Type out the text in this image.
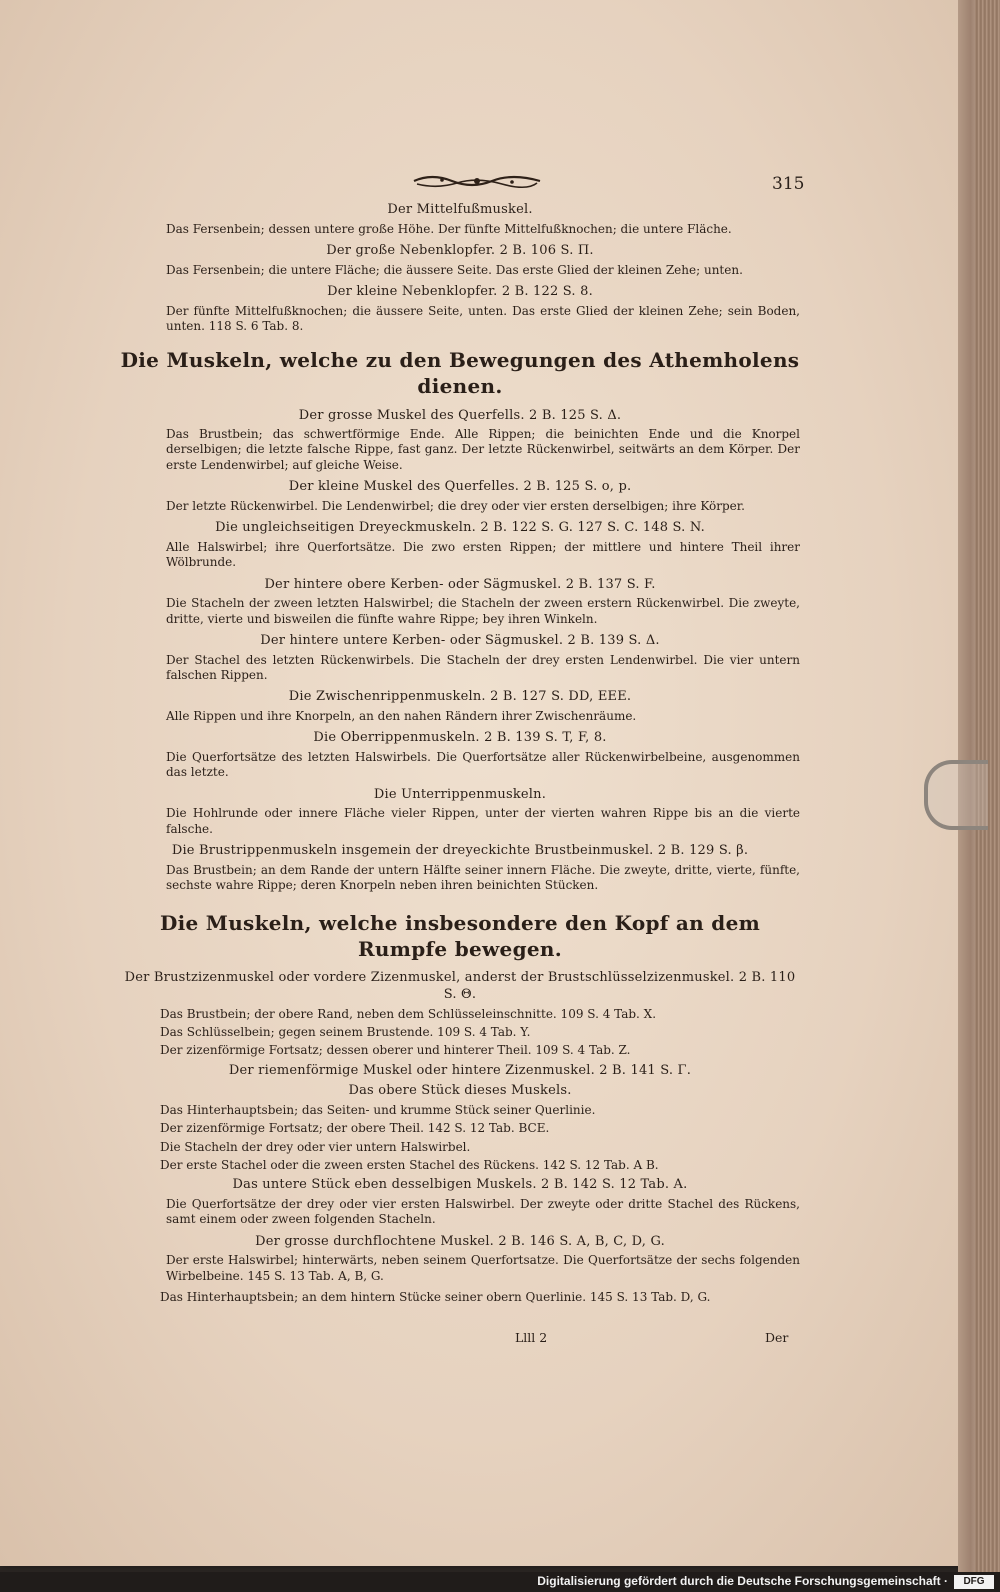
315
Der Mittelfußmuskel.
Das Fersenbein; dessen untere große Höhe. Der fünfte Mittelfußknochen; die untere Fläche.
Der große Nebenklopfer. 2 B. 106 S. Π.
Das Fersenbein; die untere Fläche; die äussere Seite. Das erste Glied der kleinen Zehe; unten.
Der kleine Nebenklopfer. 2 B. 122 S. 8.
Der fünfte Mittelfußknochen; die äussere Seite, unten. Das erste Glied der kleinen Zehe; sein Boden, unten. 118 S. 6 Tab. 8.
Die Muskeln, welche zu den Bewegungen des Athemholens dienen.
Der grosse Muskel des Querfells. 2 B. 125 S. Δ.
Das Brustbein; das schwertförmige Ende. Alle Rippen; die beinichten Ende und die Knorpel derselbigen; die letzte falsche Rippe, fast ganz. Der letzte Rückenwirbel, seitwärts an dem Körper. Der erste Lendenwirbel; auf gleiche Weise.
Der kleine Muskel des Querfelles. 2 B. 125 S. o, p.
Der letzte Rückenwirbel. Die Lendenwirbel; die drey oder vier ersten derselbigen; ihre Körper.
Die ungleichseitigen Dreyeckmuskeln. 2 B. 122 S. G. 127 S. C. 148 S. N.
Alle Halswirbel; ihre Querfortsätze. Die zwo ersten Rippen; der mittlere und hintere Theil ihrer Wölbrunde.
Der hintere obere Kerben- oder Sägmuskel. 2 B. 137 S. F.
Die Stacheln der zween letzten Halswirbel; die Stacheln der zween erstern Rückenwirbel. Die zweyte, dritte, vierte und bisweilen die fünfte wahre Rippe; bey ihren Winkeln.
Der hintere untere Kerben- oder Sägmuskel. 2 B. 139 S. Δ.
Der Stachel des letzten Rückenwirbels. Die Stacheln der drey ersten Lendenwirbel. Die vier untern falschen Rippen.
Die Zwischenrippenmuskeln. 2 B. 127 S. DD, EEE.
Alle Rippen und ihre Knorpeln, an den nahen Rändern ihrer Zwischenräume.
Die Oberrippenmuskeln. 2 B. 139 S. T, F, 8.
Die Querfortsätze des letzten Halswirbels. Die Querfortsätze aller Rückenwirbelbeine, ausgenommen das letzte.
Die Unterrippenmuskeln.
Die Hohlrunde oder innere Fläche vieler Rippen, unter der vierten wahren Rippe bis an die vierte falsche.
Die Brustrippenmuskeln insgemein der dreyeckichte Brustbeinmuskel. 2 B. 129 S. β.
Das Brustbein; an dem Rande der untern Hälfte seiner innern Fläche. Die zweyte, dritte, vierte, fünfte, sechste wahre Rippe; deren Knorpeln neben ihren beinichten Stücken.
Die Muskeln, welche insbesondere den Kopf an dem Rumpfe bewegen.
Der Brustzizenmuskel oder vordere Zizenmuskel, anderst der Brustschlüsselzizenmuskel. 2 B. 110 S. Θ.
Das Brustbein; der obere Rand, neben dem Schlüsseleinschnitte. 109 S. 4 Tab. X.
Das Schlüsselbein; gegen seinem Brustende. 109 S. 4 Tab. Y.
Der zizenförmige Fortsatz; dessen oberer und hinterer Theil. 109 S. 4 Tab. Z.
Der riemenförmige Muskel oder hintere Zizenmuskel. 2 B. 141 S. Γ.
Das obere Stück dieses Muskels.
Das Hinterhauptsbein; das Seiten- und krumme Stück seiner Querlinie.
Der zizenförmige Fortsatz; der obere Theil. 142 S. 12 Tab. BCE.
Die Stacheln der drey oder vier untern Halswirbel.
Der erste Stachel oder die zween ersten Stachel des Rückens. 142 S. 12 Tab. A B.
Das untere Stück eben desselbigen Muskels. 2 B. 142 S. 12 Tab. A.
Die Querfortsätze der drey oder vier ersten Halswirbel. Der zweyte oder dritte Stachel des Rückens, samt einem oder zween folgenden Stacheln.
Der grosse durchflochtene Muskel. 2 B. 146 S. A, B, C, D, G.
Der erste Halswirbel; hinterwärts, neben seinem Querfortsatze. Die Querfortsätze der sechs folgenden Wirbelbeine. 145 S. 13 Tab. A, B, G.
Das Hinterhauptsbein; an dem hintern Stücke seiner obern Querlinie. 145 S. 13 Tab. D, G.
Llll 2	Der
Digitalisierung gefördert durch die Deutsche Forschungsgemeinschaft ·	DFG
